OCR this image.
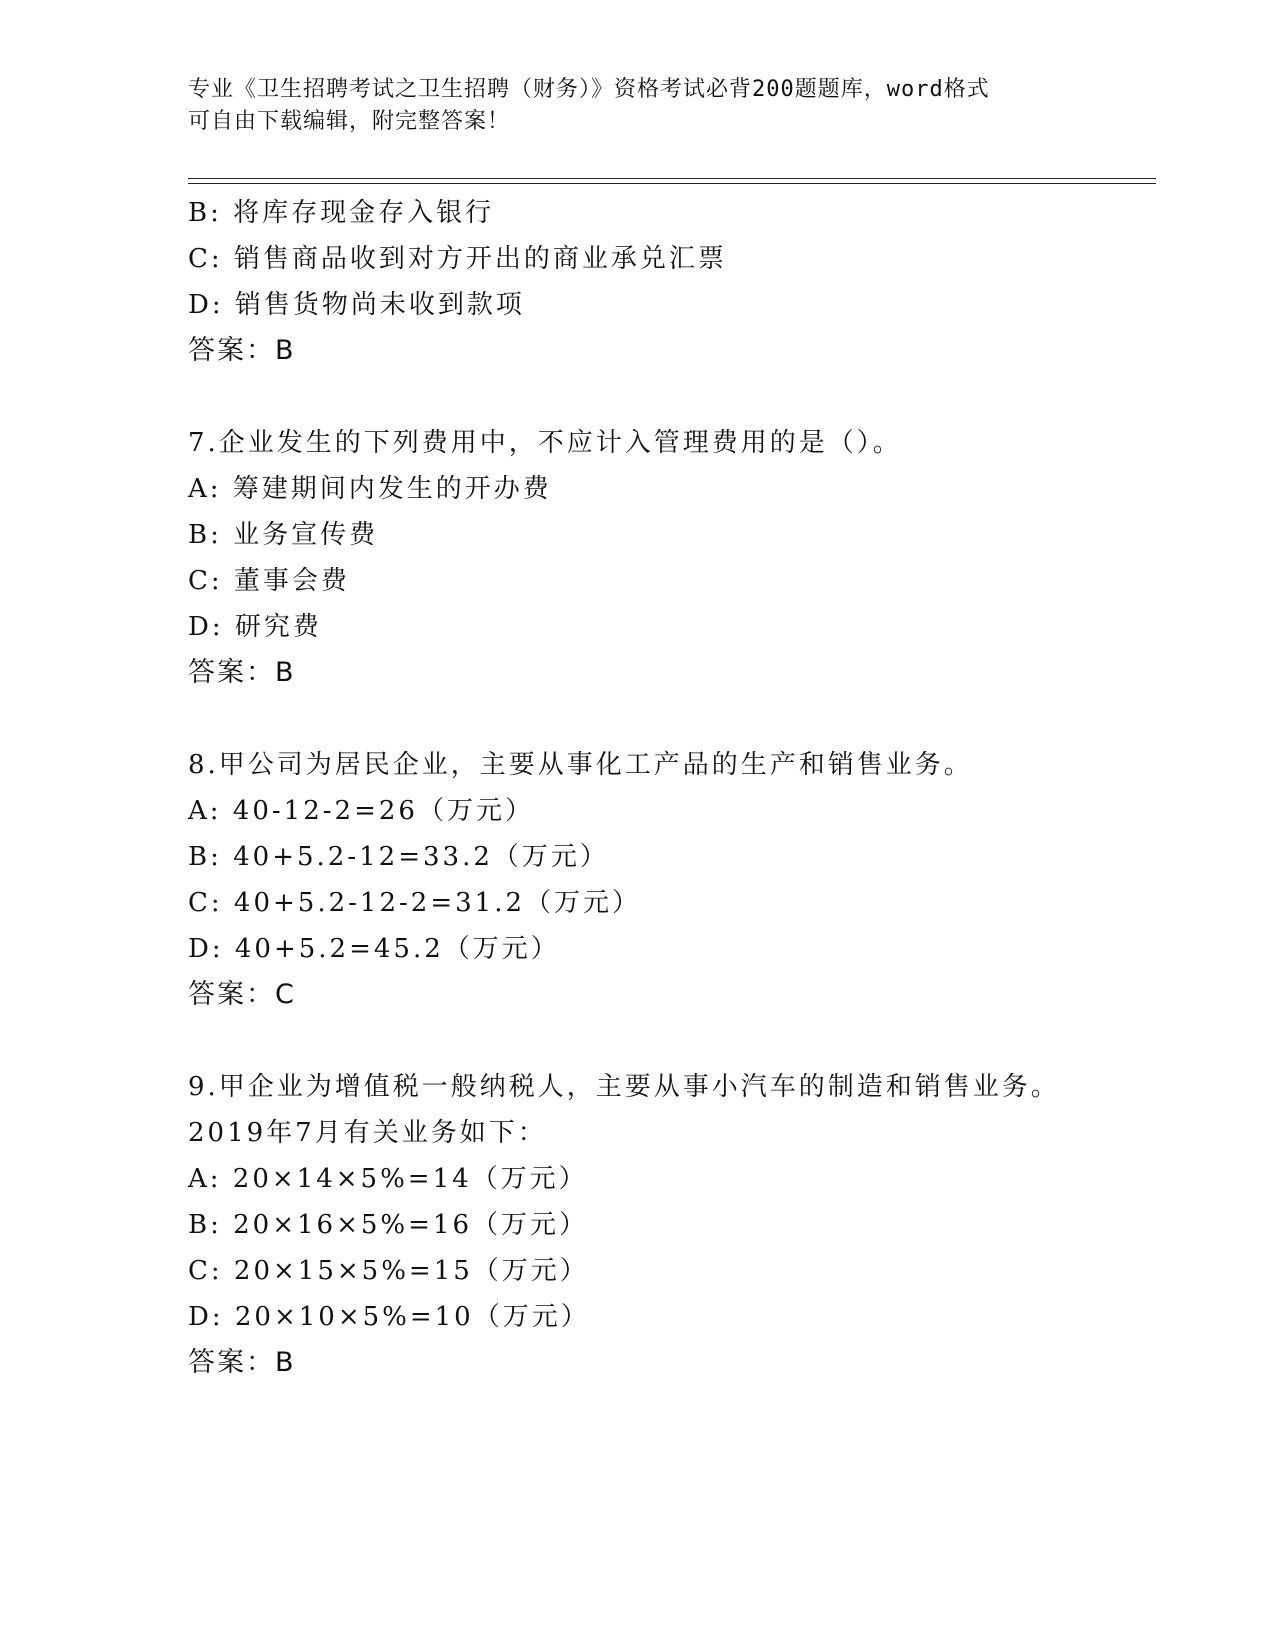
专业《卫生招聘考试之卫生招聘（财务）》资格考试必背200题题库，word格式
可自由下载编辑，附完整答案！
B: 将库存现金存入银行
C: 销售商品收到对方开出的商业承兑汇票
D: 销售货物尚未收到款项
答案：B
7.企业发生的下列费用中，不应计入管理费用的是（）。
A: 筹建期间内发生的开办费
B: 业务宣传费
C: 董事会费
D: 研究费
答案：B
8.甲公司为居民企业，主要从事化工产品的生产和销售业务。
A: 40-12-2=26（万元）
B: 40+5.2-12=33.2（万元）
C: 40+5.2-12-2=31.2（万元）
D: 40+5.2=45.2（万元）
答案：C
9.甲企业为增值税一般纳税人，主要从事小汽车的制造和销售业务。
2019年7月有关业务如下：
A: 20×14×5%=14（万元）
B: 20×16×5%=16（万元）
C: 20×15×5%=15（万元）
D: 20×10×5%=10（万元）
答案：B
